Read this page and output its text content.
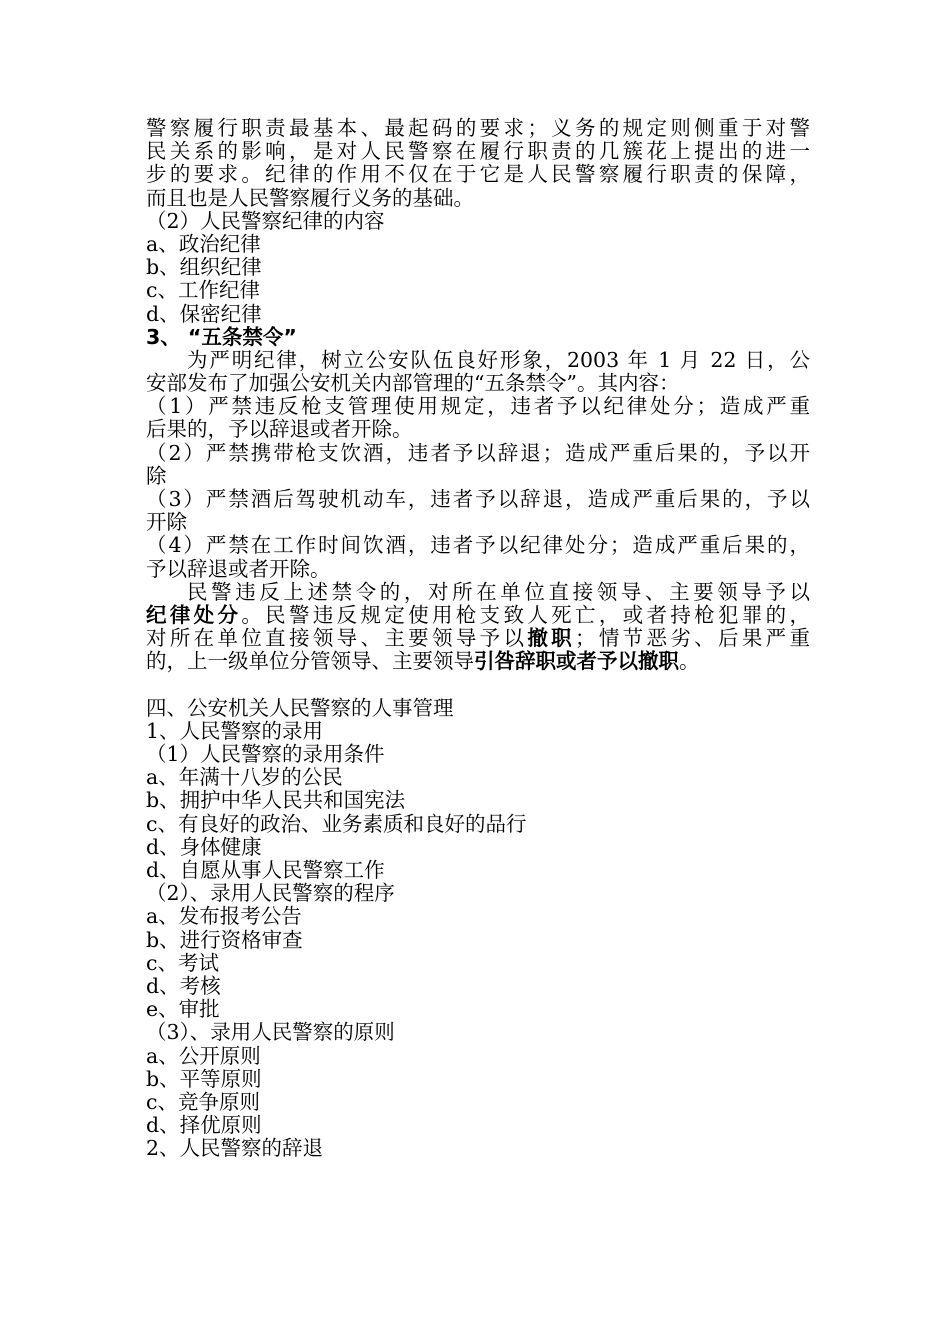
警察履行职责最基本、最起码的要求；义务的规定则侧重于对警
民关系的影响，是对人民警察在履行职责的几簇花上提出的进一
步的要求。纪律的作用不仅在于它是人民警察履行职责的保障，
而且也是人民警察履行义务的基础。
（2）人民警察纪律的内容
a、政治纪律
b、组织纪律
c、工作纪律
d、保密纪律
3、 “五条禁令”
为严明纪律，树立公安队伍良好形象，2003 年 1 月 22 日，公
安部发布了加强公安机关内部管理的“五条禁令”。其内容：
（1）严禁违反枪支管理使用规定，违者予以纪律处分；造成严重
后果的，予以辞退或者开除。
（2）严禁携带枪支饮酒，违者予以辞退；造成严重后果的，予以开
除
（3）严禁酒后驾驶机动车，违者予以辞退，造成严重后果的，予以
开除
（4）严禁在工作时间饮酒，违者予以纪律处分；造成严重后果的，
予以辞退或者开除。
民警违反上述禁令的，对所在单位直接领导、主要领导予以
纪律处分。民警违反规定使用枪支致人死亡，或者持枪犯罪的，
对所在单位直接领导、主要领导予以撤职；情节恶劣、后果严重
的，上一级单位分管领导、主要领导引咎辞职或者予以撤职。
四、公安机关人民警察的人事管理
1、人民警察的录用
（1）人民警察的录用条件
a、年满十八岁的公民
b、拥护中华人民共和国宪法
c、有良好的政治、业务素质和良好的品行
d、身体健康
d、自愿从事人民警察工作
（2）、录用人民警察的程序
a、发布报考公告
b、进行资格审查
c、考试
d、考核
e、审批
（3）、录用人民警察的原则
a、公开原则
b、平等原则
c、竞争原则
d、择优原则
2、人民警察的辞退
